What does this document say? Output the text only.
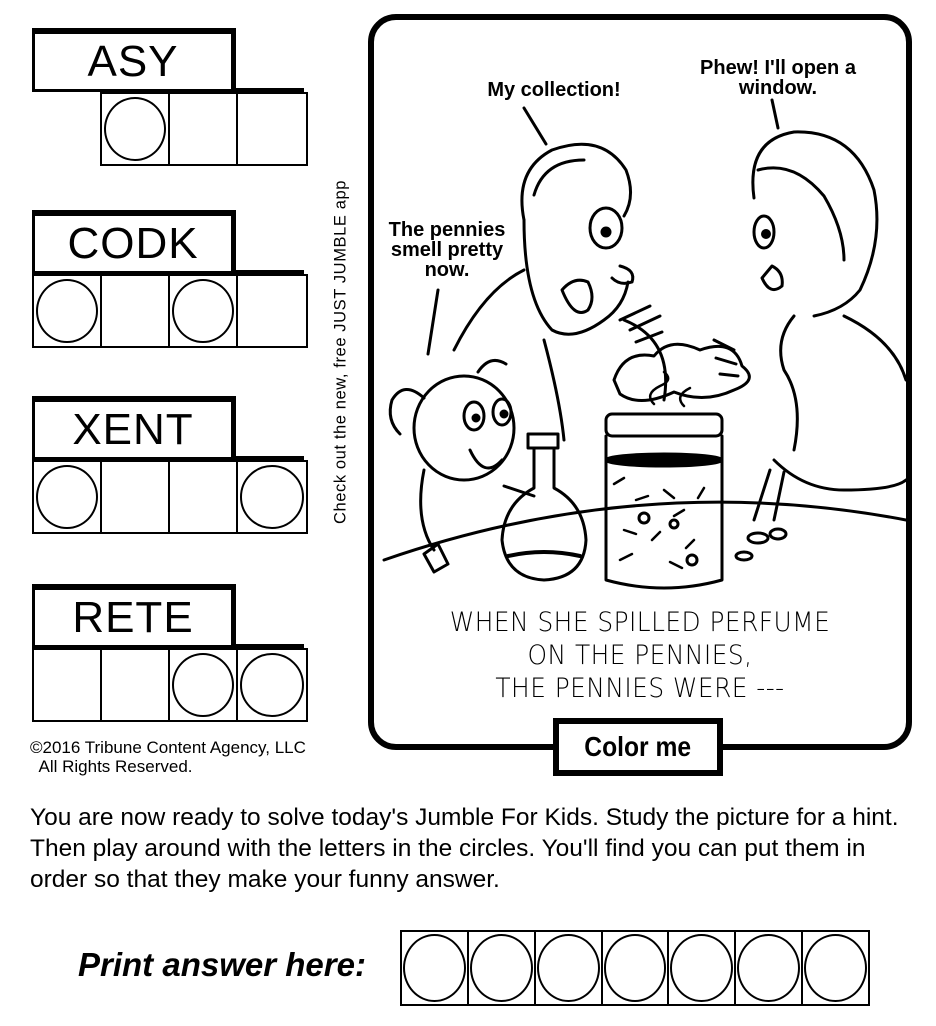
ASY
CODK
XENT
RETE
©2016 Tribune Content Agency, LLC
All Rights Reserved.
Check out the new, free JUST JUMBLE app
My collection!
Phew! I'll open a window.
The pennies smell pretty now.
WHEN SHE SPILLED PERFUME
ON THE PENNIES,
THE PENNIES WERE ---
Color me
You are now ready to solve today's Jumble For Kids. Study the picture for a hint. Then play around with the letters in the circles. You'll find you can put them in order so that they make your funny answer.
Print answer here:
